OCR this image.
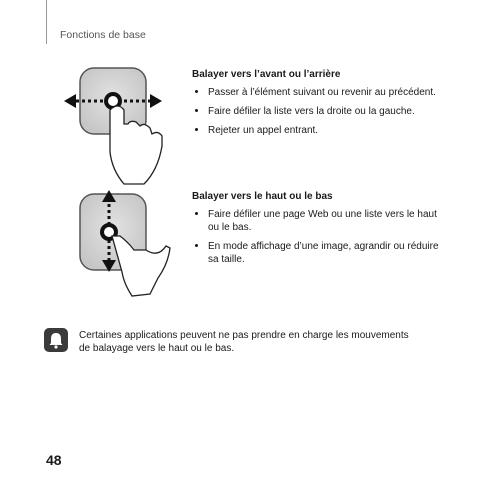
Fonctions de base
Balayer vers l’avant ou l’arrière
Passer à l’élément suivant ou revenir au précédent.
Faire défiler la liste vers la droite ou la gauche.
Rejeter un appel entrant.
Balayer vers le haut ou le bas
Faire défiler une page Web ou une liste vers le haut ou le bas.
En mode affichage d’une image, agrandir ou réduire sa taille.
Certaines applications peuvent ne pas prendre en charge les mouvements de balayage vers le haut ou le bas.
48
